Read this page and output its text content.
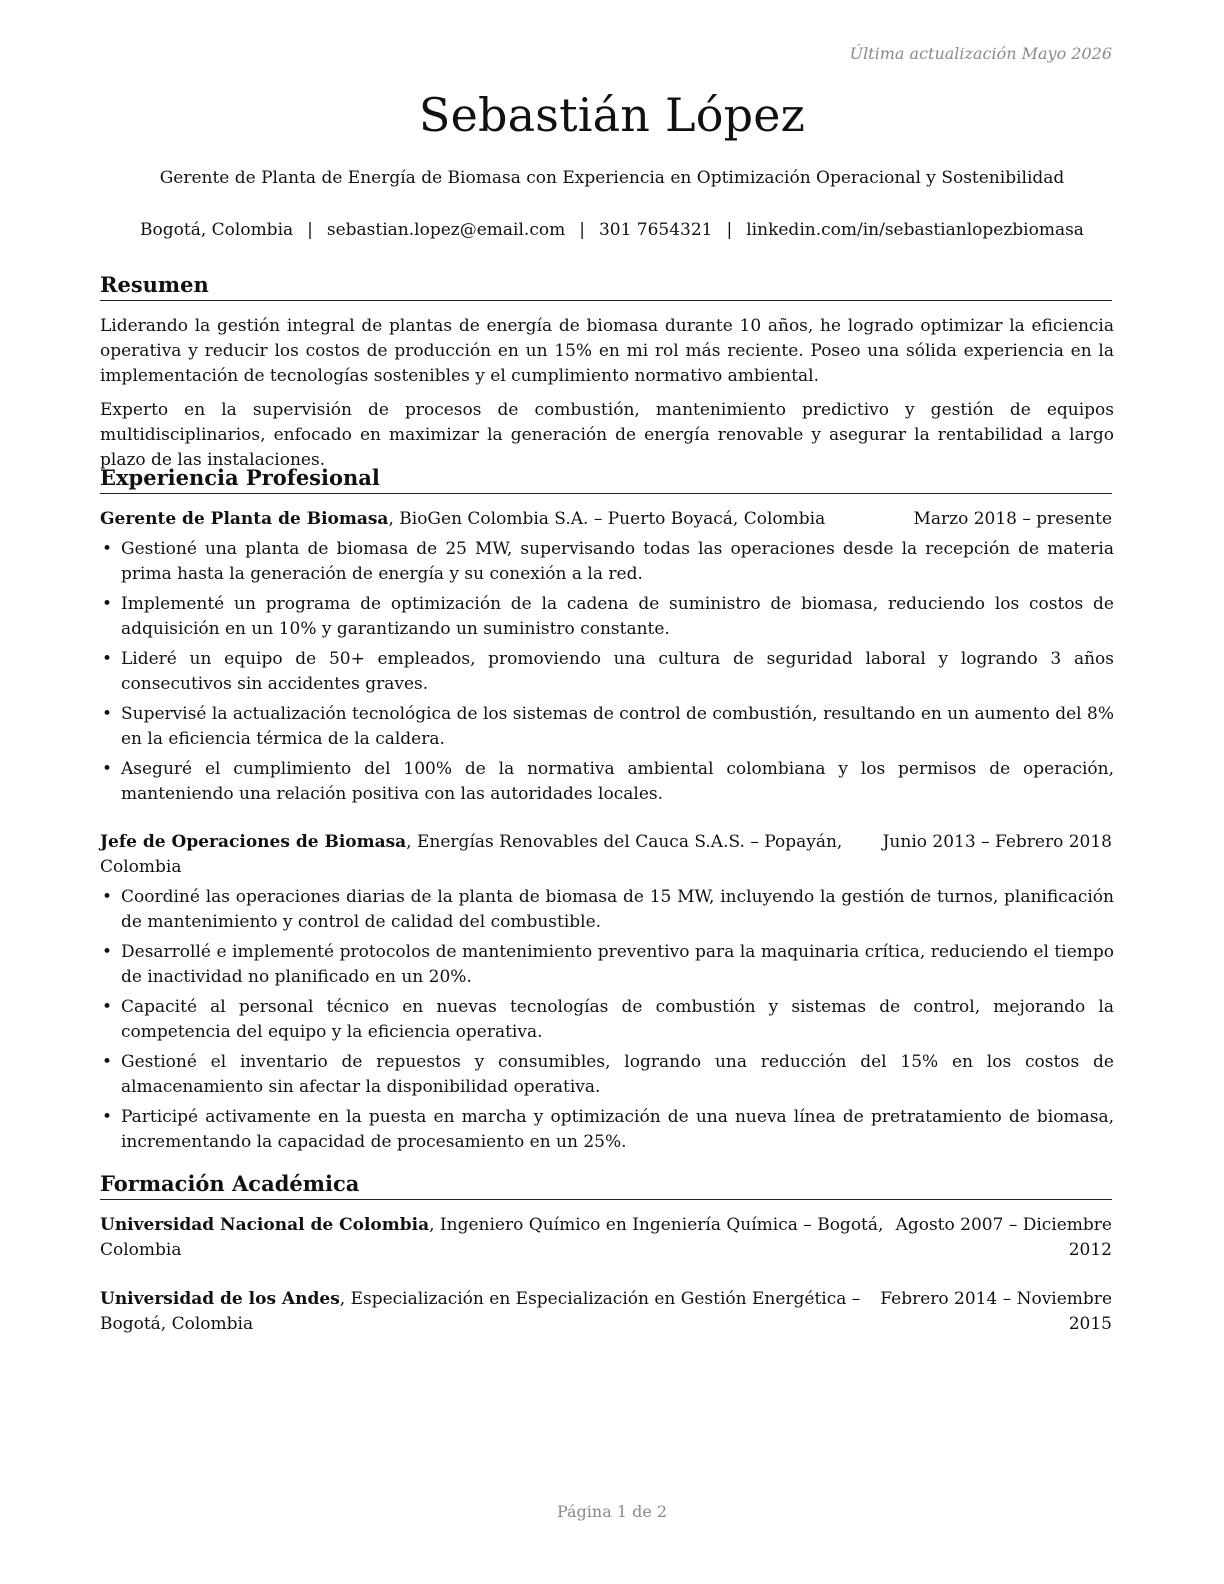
Última actualización Mayo 2026
Sebastián López
Gerente de Planta de Energía de Biomasa con Experiencia en Optimización Operacional y Sostenibilidad
Bogotá, Colombia | sebastian.lopez@email.com | 301 7654321 | linkedin.com/in/sebastianlopezbiomasa
Resumen

Liderando la gestión integral de plantas de energía de biomasa durante 10 años, he logrado optimizar la eficiencia operativa y reducir los costos de producción en un 15% en mi rol más reciente. Poseo una sólida experiencia en la implementación de tecnologías sostenibles y el cumplimiento normativo ambiental.

Experto en la supervisión de procesos de combustión, mantenimiento predictivo y gestión de equipos multidisciplinarios, enfocado en maximizar la generación de energía renovable y asegurar la rentabilidad a largo plazo de las instalaciones.

Experiencia Profesional
Gerente de Planta de Biomasa, BioGen Colombia S.A. – Puerto Boyacá, Colombia	Marzo 2018 – presente
• Gestioné una planta de biomasa de 25 MW, supervisando todas las operaciones desde la recepción de materia prima hasta la generación de energía y su conexión a la red.
• Implementé un programa de optimización de la cadena de suministro de biomasa, reduciendo los costos de adquisición en un 10% y garantizando un suministro constante.
• Lideré un equipo de 50+ empleados, promoviendo una cultura de seguridad laboral y logrando 3 años consecutivos sin accidentes graves.
• Supervisé la actualización tecnológica de los sistemas de control de combustión, resultando en un aumento del 8% en la eficiencia térmica de la caldera.
• Aseguré el cumplimiento del 100% de la normativa ambiental colombiana y los permisos de operación, manteniendo una relación positiva con las autoridades locales.
Jefe de Operaciones de Biomasa, Energías Renovables del Cauca S.A.S. – Popayán,
Colombia
Junio 2013 – Febrero 2018
• Coordiné las operaciones diarias de la planta de biomasa de 15 MW, incluyendo la gestión de turnos, planificación de mantenimiento y control de calidad del combustible.
• Desarrollé e implementé protocolos de mantenimiento preventivo para la maquinaria crítica, reduciendo el tiempo de inactividad no planificado en un 20%.
• Capacité al personal técnico en nuevas tecnologías de combustión y sistemas de control, mejorando la competencia del equipo y la eficiencia operativa.
• Gestioné el inventario de repuestos y consumibles, logrando una reducción del 15% en los costos de almacenamiento sin afectar la disponibilidad operativa.
• Participé activamente en la puesta en marcha y optimización de una nueva línea de pretratamiento de biomasa, incrementando la capacidad de procesamiento en un 25%.
Formación Académica
Universidad Nacional de Colombia, Ingeniero Químico en Ingeniería Química – Bogotá,
Colombia
Agosto 2007 – Diciembre
2012
Universidad de los Andes, Especialización en Especialización en Gestión Energética –
Bogotá, Colombia
Febrero 2014 – Noviembre
2015
Página 1 de 2
